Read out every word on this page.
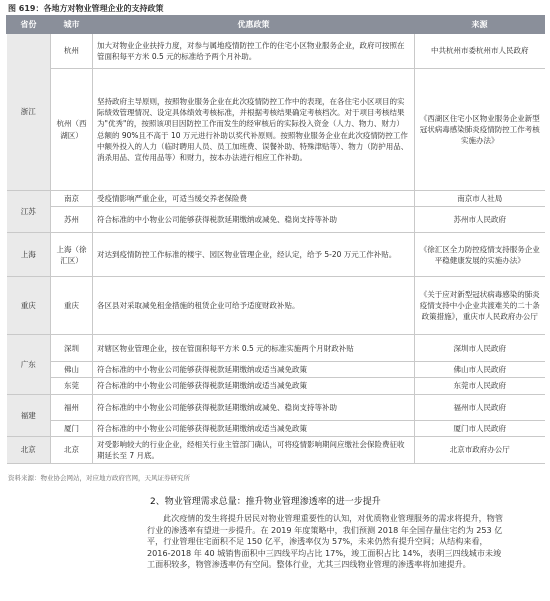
图 619：各地方对物业管理企业的支持政策
省份	城市	优惠政策	来源
浙江	杭州	加大对物业企业扶持力度，对参与属地疫情防控工作的住宅小区物业服务企业，政府可按照在管面积每平方米 0.5 元的标准给予两个月补助。	中共杭州市委杭州市人民政府
	杭州（西湖区）	坚持政府主导原则，按照物业服务企业在此次疫情防控工作中的表现，在各住宅小区项目的实际绩效管理情况、设定具体绩效考核标准，并根据考核结果确定考核档次。对于项目考核结果为"优秀"的，按照该项目因防控工作而发生的经审核后的实际投入资金（人力、物力、财力）总额的 90%且不高于 10 万元进行补助以奖代补原则。按照物业服务企业在此次疫情防控工作中额外投入的人力（临时聘用人员、员工加班费、误餐补助、特殊津贴等）、物力（防护用品、消杀用品、宣传用品等）和财力，按本办法进行相应工作补助。	《西湖区住宅小区物业服务企业新型冠状病毒感染肺炎疫情防控工作考核实施办法》
江苏	南京	受疫情影响严重企业，可适当缓交养老保险费	南京市人社局
	苏州	符合标准的中小物业公司能够获得税款延期缴纳或减免、稳岗支持等补助	苏州市人民政府
上海	上海（徐汇区）	对达到疫情防控工作标准的楼宇、园区物业管理企业，经认定，给予 5-20 万元工作补贴。	《徐汇区全力防控疫情支持服务企业平稳健康发展的实施办法》
重庆	重庆	各区县对采取减免租金措施的租赁企业可给予适度财政补贴。	《关于应对新型冠状病毒感染的肺炎疫情支持中小企业共渡难关的二十条政策措施》，重庆市人民政府办公厅
广东	深圳	对辖区物业管理企业，按在管面积每平方米 0.5 元的标准实施两个月財政补贴	深圳市人民政府
	佛山	符合标准的中小物业公司能够获得税款延期缴纳或适当减免政策	佛山市人民政府
	东莞	符合标准的中小物业公司能够获得税款延期缴纳或适当减免政策	东莞市人民政府
福建	福州	符合标准的中小物业公司能够获得税款延期缴纳或减免、稳岗支持等补助	福州市人民政府
	厦门	符合标准的中小物业公司能够获得税款延期缴纳或适当减免政策	厦门市人民政府
北京	北京	对受影响较大的行业企业，经相关行业主管部门确认，可将疫情影响期间应缴社会保险费征收期延长至 7 月底。	北京市政府办公厅
资料来源：物业协会网站，对应地方政府官网，天风证券研究所
2、物业管理需求总量：推升物业管理渗透率的进一步提升

此次疫情的发生将提升居民对物业管理重要性的认知，对优质物业管理服务的需求将提升，物管行业的渗透率有望进一步提升。在 2019 年度策略中，我们预测 2018 年全国存量住宅约为 253 亿平，行业管理住宅面积不足 150 亿平，渗透率仅为 57%，未来仍然有提升空间；从结构来看，2016-2018 年 40 城销售面积中三四线平均占比 17%，竣工面积占比 14%，表明三四线城市未竣工面积较多，物管渗透率仍有空间。整体行业，尤其三四线物业管理的渗透率将加速提升。
